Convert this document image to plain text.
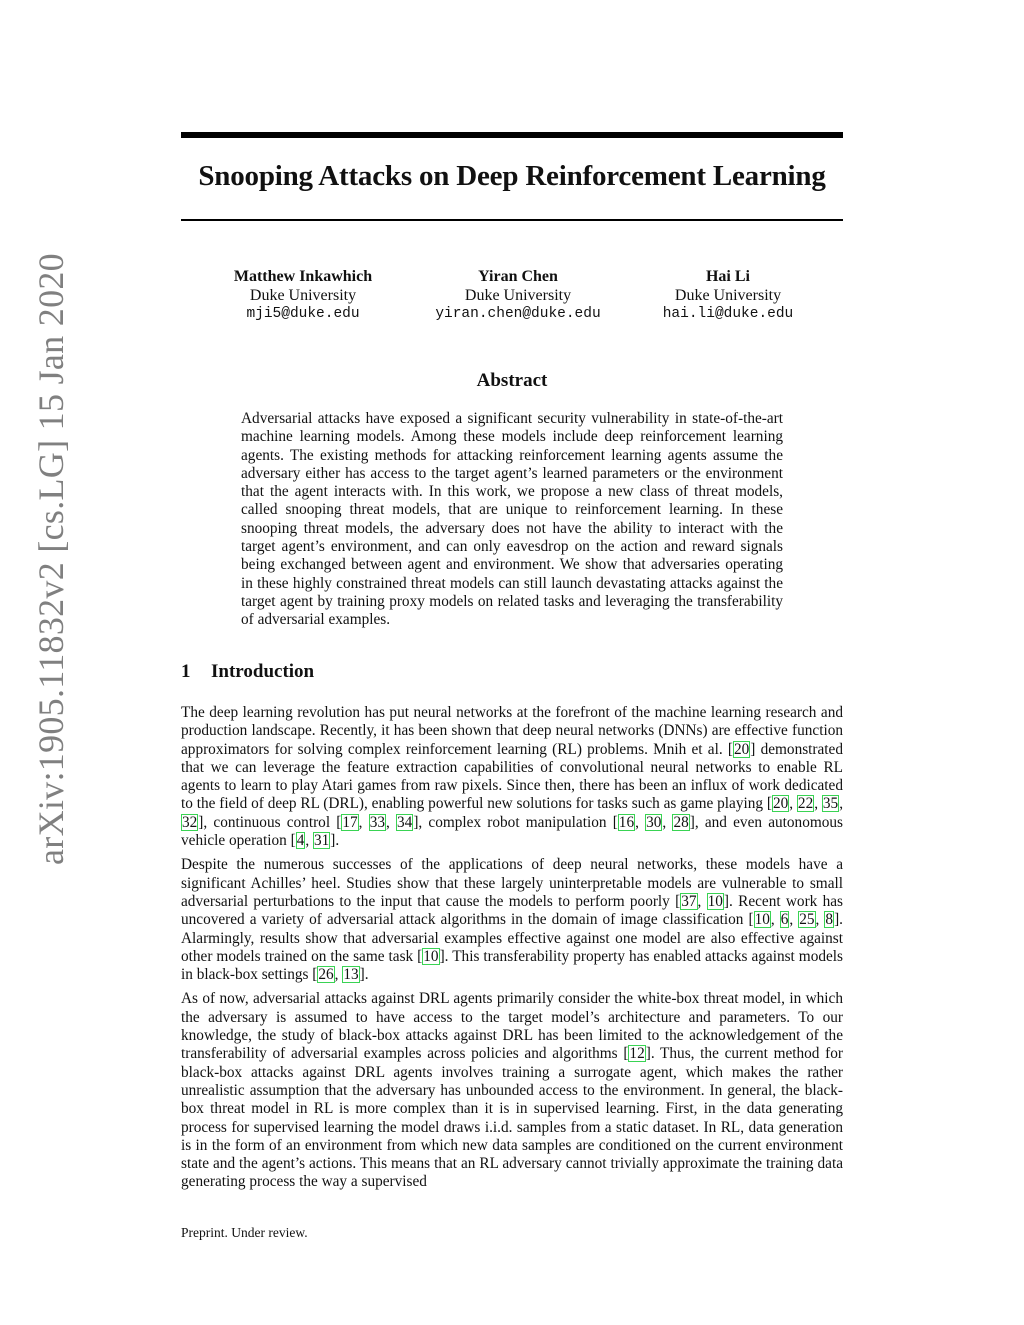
arXiv:1905.11832v2 [cs.LG] 15 Jan 2020
Snooping Attacks on Deep Reinforcement Learning
Matthew Inkawhich
Duke University
mji5@duke.edu
Yiran Chen
Duke University
yiran.chen@duke.edu
Hai Li
Duke University
hai.li@duke.edu
Abstract
Adversarial attacks have exposed a significant security vulnerability in state-of-the-art machine learning models. Among these models include deep reinforcement learning agents. The existing methods for attacking reinforcement learning agents assume the adversary either has access to the target agent’s learned parameters or the environment that the agent interacts with. In this work, we propose a new class of threat models, called snooping threat models, that are unique to reinforcement learning. In these snooping threat models, the adversary does not have the ability to interact with the target agent’s environment, and can only eavesdrop on the action and reward signals being exchanged between agent and environment. We show that adversaries operating in these highly constrained threat models can still launch devastating attacks against the target agent by training proxy models on related tasks and leveraging the transferability of adversarial examples.
1 Introduction

The deep learning revolution has put neural networks at the forefront of the machine learning research and production landscape. Recently, it has been shown that deep neural networks (DNNs) are effective function approximators for solving complex reinforcement learning (RL) problems. Mnih et al. [20] demonstrated that we can leverage the feature extraction capabilities of convolutional neural networks to enable RL agents to learn to play Atari games from raw pixels. Since then, there has been an influx of work dedicated to the field of deep RL (DRL), enabling powerful new solutions for tasks such as game playing [20, 22, 35, 32], continuous control [17, 33, 34], complex robot manipulation [16, 30, 28], and even autonomous vehicle operation [4, 31].

Despite the numerous successes of the applications of deep neural networks, these models have a significant Achilles’ heel. Studies show that these largely uninterpretable models are vulnerable to small adversarial perturbations to the input that cause the models to perform poorly [37, 10]. Recent work has uncovered a variety of adversarial attack algorithms in the domain of image classification [10, 6, 25, 8]. Alarmingly, results show that adversarial examples effective against one model are also effective against other models trained on the same task [10]. This transferability property has enabled attacks against models in black-box settings [26, 13].

As of now, adversarial attacks against DRL agents primarily consider the white-box threat model, in which the adversary is assumed to have access to the target model’s architecture and parameters. To our knowledge, the study of black-box attacks against DRL has been limited to the acknowledgement of the transferability of adversarial examples across policies and algorithms [12]. Thus, the current method for black-box attacks against DRL agents involves training a surrogate agent, which makes the rather unrealistic assumption that the adversary has unbounded access to the environment. In general, the black-box threat model in RL is more complex than it is in supervised learning. First, in the data generating process for supervised learning the model draws i.i.d. samples from a static dataset. In RL, data generation is in the form of an environment from which new data samples are conditioned on the current environment state and the agent’s actions. This means that an RL adversary cannot trivially approximate the training data generating process the way a supervised

Preprint. Under review.
